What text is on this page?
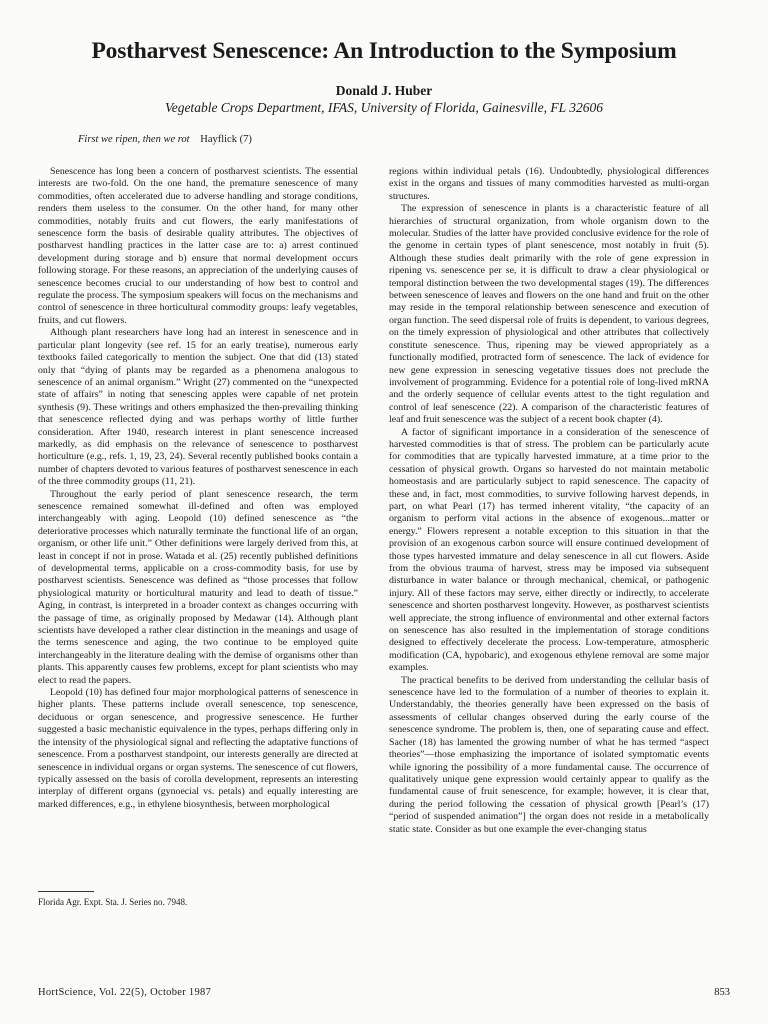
Postharvest Senescence: An Introduction to the Symposium
Donald J. Huber
Vegetable Crops Department, IFAS, University of Florida, Gainesville, FL 32606
First we ripen, then we rot Hayflick (7)

Senescence has long been a concern of postharvest scientists. The essential interests are two-fold. On the one hand, the premature senescence of many commodities, often accelerated due to adverse handling and storage conditions, renders them useless to the consumer. On the other hand, for many other commodities, notably fruits and cut flowers, the early manifestations of senescence form the basis of desirable quality attributes. The objectives of postharvest handling practices in the latter case are to: a) arrest continued development during storage and b) ensure that normal development occurs following storage. For these reasons, an appreciation of the underlying causes of senescence becomes crucial to our understanding of how best to control and regulate the process. The symposium speakers will focus on the mechanisms and control of senescence in three horticultural commodity groups: leafy vegetables, fruits, and cut flowers.

Although plant researchers have long had an interest in senescence and in particular plant longevity (see ref. 15 for an early treatise), numerous early textbooks failed categorically to mention the subject. One that did (13) stated only that “dying of plants may be regarded as a phenomena analogous to senescence of an animal organism.” Wright (27) commented on the “unexpected state of affairs” in noting that senescing apples were capable of net protein synthesis (9). These writings and others emphasized the then-prevailing thinking that senescence reflected dying and was perhaps worthy of little further consideration. After 1940, research interest in plant senescence increased markedly, as did emphasis on the relevance of senescence to postharvest horticulture (e.g., refs. 1, 19, 23, 24). Several recently published books contain a number of chapters devoted to various features of postharvest senescence in each of the three commodity groups (11, 21).

Throughout the early period of plant senescence research, the term senescence remained somewhat ill-defined and often was employed interchangeably with aging. Leopold (10) defined senescence as “the deteriorative processes which naturally terminate the functional life of an organ, organism, or other life unit.” Other definitions were largely derived from this, at least in concept if not in prose. Watada et al. (25) recently published definitions of developmental terms, applicable on a cross-commodity basis, for use by postharvest scientists. Senescence was defined as “those processes that follow physiological maturity or horticultural maturity and lead to death of tissue.” Aging, in contrast, is interpreted in a broader context as changes occurring with the passage of time, as originally proposed by Medawar (14). Although plant scientists have developed a rather clear distinction in the meanings and usage of the terms senescence and aging, the two continue to be employed quite interchangeably in the literature dealing with the demise of organisms other than plants. This apparently causes few problems, except for plant scientists who may elect to read the papers.

Leopold (10) has defined four major morphological patterns of senescence in higher plants. These patterns include overall senescence, top senescence, deciduous or organ senescence, and progressive senescence. He further suggested a basic mechanistic equivalence in the types, perhaps differing only in the intensity of the physiological signal and reflecting the adaptative functions of senescence. From a postharvest standpoint, our interests generally are directed at senescence in individual organs or organ systems. The senescence of cut flowers, typically assessed on the basis of corolla development, represents an interesting interplay of different organs (gynoecial vs. petals) and equally interesting are marked differences, e.g., in ethylene biosynthesis, between morphological

regions within individual petals (16). Undoubtedly, physiological differences exist in the organs and tissues of many commodities harvested as multi-organ structures.

The expression of senescence in plants is a characteristic feature of all hierarchies of structural organization, from whole organism down to the molecular. Studies of the latter have provided conclusive evidence for the role of the genome in certain types of plant senescence, most notably in fruit (5). Although these studies dealt primarily with the role of gene expression in ripening vs. senescence per se, it is difficult to draw a clear physiological or temporal distinction between the two developmental stages (19). The differences between senescence of leaves and flowers on the one hand and fruit on the other may reside in the temporal relationship between senescence and execution of organ function. The seed dispersal role of fruits is dependent, to various degrees, on the timely expression of physiological and other attributes that collectively constitute senescence. Thus, ripening may be viewed appropriately as a functionally modified, protracted form of senescence. The lack of evidence for new gene expression in senescing vegetative tissues does not preclude the involvement of programming. Evidence for a potential role of long-lived mRNA and the orderly sequence of cellular events attest to the tight regulation and control of leaf senescence (22). A comparison of the characteristic features of leaf and fruit senescence was the subject of a recent book chapter (4).

A factor of significant importance in a consideration of the senescence of harvested commodities is that of stress. The problem can be particularly acute for commodities that are typically harvested immature, at a time prior to the cessation of physical growth. Organs so harvested do not maintain metabolic homeostasis and are particularly subject to rapid senescence. The capacity of these and, in fact, most commodities, to survive following harvest depends, in part, on what Pearl (17) has termed inherent vitality, “the capacity of an organism to perform vital actions in the absence of exogenous...matter or energy.” Flowers represent a notable exception to this situation in that the provision of an exogenous carbon source will ensure continued development of those types harvested immature and delay senescence in all cut flowers. Aside from the obvious trauma of harvest, stress may be imposed via subsequent disturbance in water balance or through mechanical, chemical, or pathogenic injury. All of these factors may serve, either directly or indirectly, to accelerate senescence and shorten postharvest longevity. However, as postharvest scientists well appreciate, the strong influence of environmental and other external factors on senescence has also resulted in the implementation of storage conditions designed to effectively decelerate the process. Low-temperature, atmospheric modification (CA, hypobaric), and exogenous ethylene removal are some major examples.

The practical benefits to be derived from understanding the cellular basis of senescence have led to the formulation of a number of theories to explain it. Understandably, the theories generally have been expressed on the basis of assessments of cellular changes observed during the early course of the senescence syndrome. The problem is, then, one of separating cause and effect. Sacher (18) has lamented the growing number of what he has termed “aspect theories”—those emphasizing the importance of isolated symptomatic events while ignoring the possibility of a more fundamental cause. The occurrence of qualitatively unique gene expression would certainly appear to qualify as the fundamental cause of fruit senescence, for example; however, it is clear that, during the period following the cessation of physical growth [Pearl’s (17) “period of suspended animation”] the organ does not reside in a metabolically static state. Consider as but one example the ever-changing status

Florida Agr. Expt. Sta. J. Series no. 7948.
HortScience, Vol. 22(5), October 1987	853
